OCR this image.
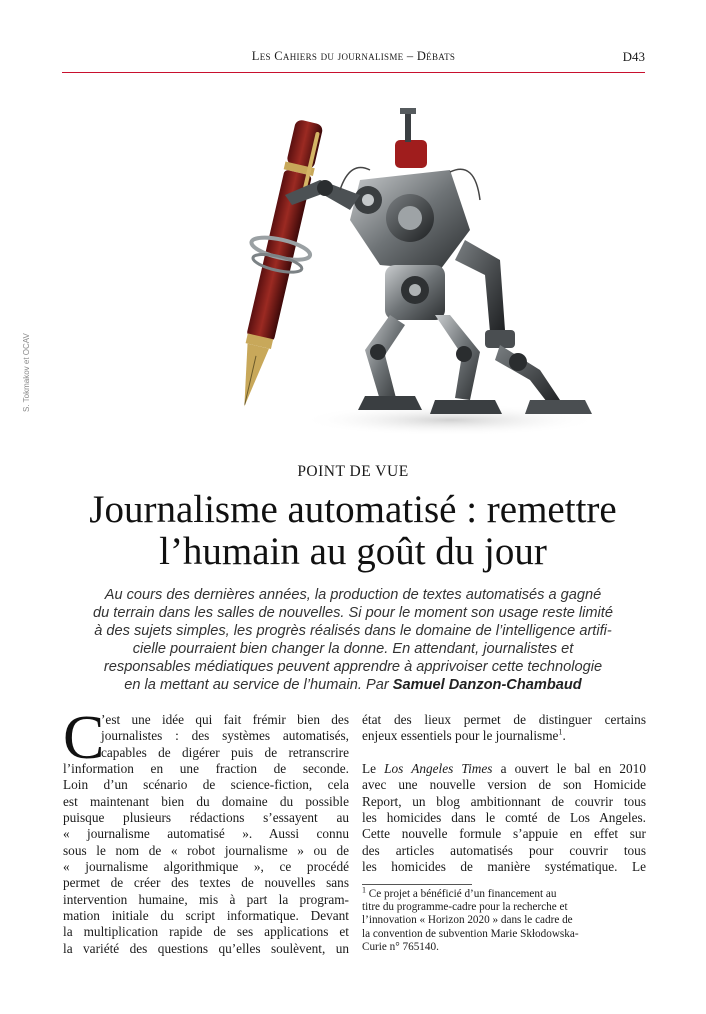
Les Cahiers du journalisme – Débats	D43
S. Tokmakov et OCAV
POINT DE VUE
Journalisme automatisé : remettre
l’humain au goût du jour
Au cours des dernières années, la production de textes automatisés a gagné
du terrain dans les salles de nouvelles. Si pour le moment son usage reste limité
à des sujets simples, les progrès réalisés dans le domaine de l’intelligence artifi-
cielle pourraient bien changer la donne. En attendant, journalistes et
responsables médiatiques peuvent apprendre à apprivoiser cette technologie
en la mettant au service de l’humain. Par Samuel Danzon-Chambaud
C
’est une idée qui fait frémir bien des
journalistes : des systèmes automatisés,
capables de digérer puis de retranscrire
l’information en une fraction de seconde.
Loin d’un scénario de science-fiction, cela
est maintenant bien du domaine du possible
puisque plusieurs rédactions s’essayent au
« journalisme automatisé ». Aussi connu
sous le nom de « robot journalisme » ou de
« journalisme algorithmique », ce procédé
permet de créer des textes de nouvelles sans
intervention humaine, mis à part la program-
mation initiale du script informatique. Devant
la multiplication rapide de ses applications et
la variété des questions qu’elles soulèvent, un
état des lieux permet de distinguer certains
enjeux essentiels pour le journalisme$^1$.

Le Los Angeles Times a ouvert le bal en 2010
avec une nouvelle version de son Homicide
Report, un blog ambitionnant de couvrir tous
les homicides dans le comté de Los Angeles.
Cette nouvelle formule s’appuie en effet sur
des articles automatisés pour couvrir tous
les homicides de manière systématique. Le
$^1$ Ce projet a bénéficié d’un financement au
titre du programme-cadre pour la recherche et
l’innovation « Horizon 2020 » dans le cadre de
la convention de subvention Marie Skłodowska-
Curie n° 765140.
